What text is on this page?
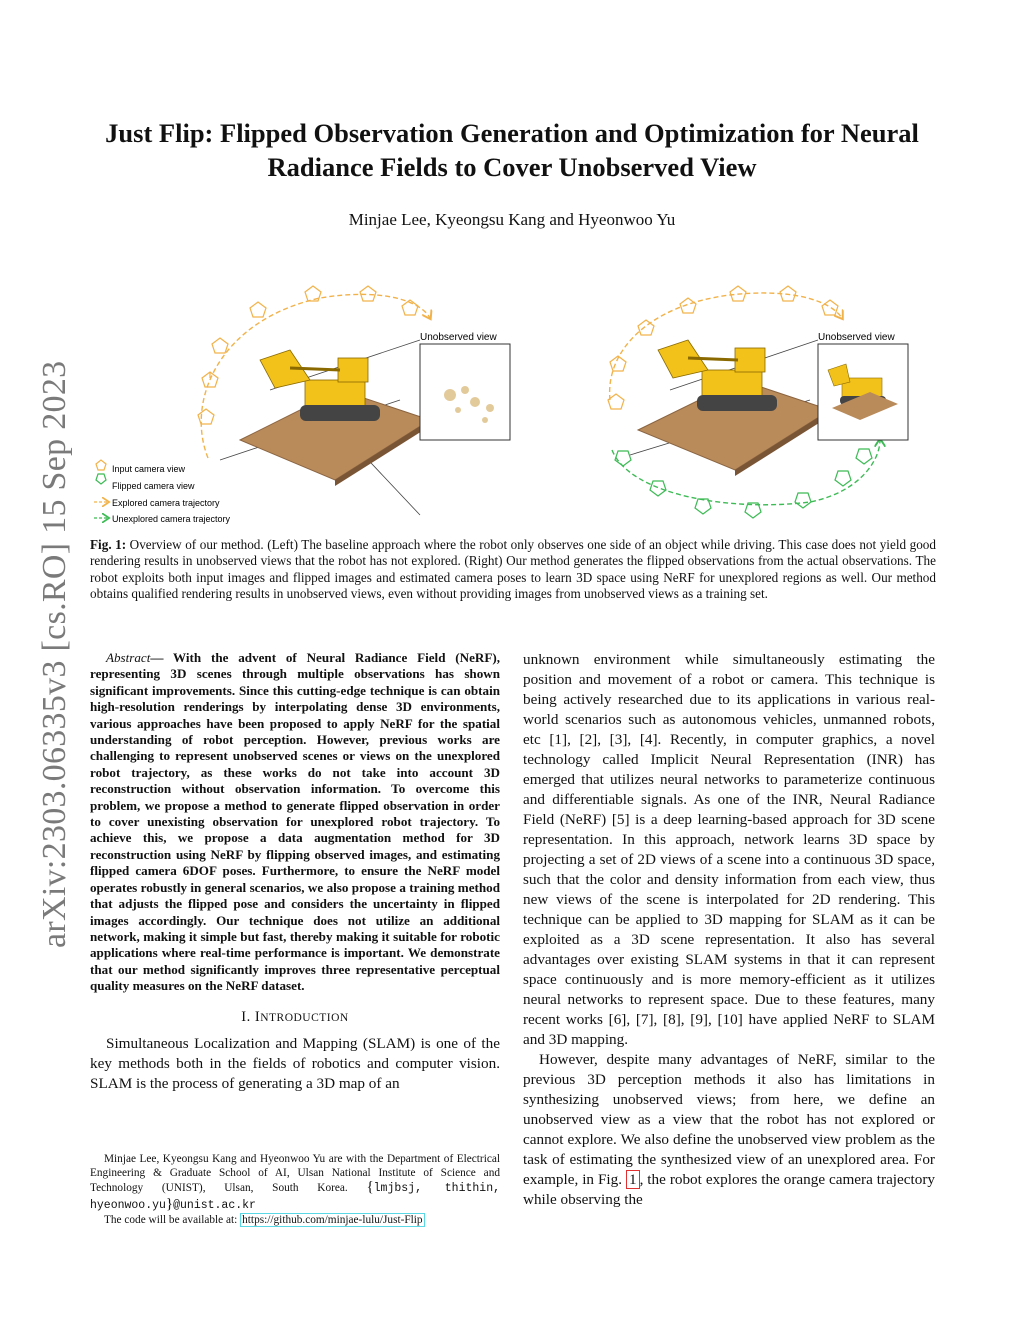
Just Flip: Flipped Observation Generation and Optimization for Neural
Radiance Fields to Cover Unobserved View
Minjae Lee, Kyeongsu Kang and Hyeonwoo Yu
arXiv:2303.06335v3 [cs.RO] 15 Sep 2023
Unobserved view	Unobserved view
Input camera view
Flipped camera view
Explored camera trajectory
Unexplored camera trajectory
Fig. 1: Overview of our method. (Left) The baseline approach where the robot only observes one side of an object while driving. This case does not yield good rendering results in unobserved views that the robot has not explored. (Right) Our method generates the flipped observations from the actual observations. The robot exploits both input images and flipped images and estimated camera poses to learn 3D space using NeRF for unexplored regions as well. Our method obtains qualified rendering results in unobserved views, even without providing images from unobserved views as a training set.

Abstract— With the advent of Neural Radiance Field (NeRF), representing 3D scenes through multiple observations has shown significant improvements. Since this cutting-edge technique is can obtain high-resolution renderings by interpolating dense 3D environments, various approaches have been proposed to apply NeRF for the spatial understanding of robot perception. However, previous works are challenging to represent unobserved scenes or views on the unexplored robot trajectory, as these works do not take into account 3D reconstruction without observation information. To overcome this problem, we propose a method to generate flipped observation in order to cover unexisting observation for unexplored robot trajectory. To achieve this, we propose a data augmentation method for 3D reconstruction using NeRF by flipping observed images, and estimating flipped camera 6DOF poses. Furthermore, to ensure the NeRF model operates robustly in general scenarios, we also propose a training method that adjusts the flipped pose and considers the uncertainty in flipped images accordingly. Our technique does not utilize an additional network, making it simple but fast, thereby making it suitable for robotic applications where real-time performance is important. We demonstrate that our method significantly improves three representative perceptual quality measures on the NeRF dataset.

I. INTRODUCTION

Simultaneous Localization and Mapping (SLAM) is one of the key methods both in the fields of robotics and computer vision. SLAM is the process of generating a 3D map of an

unknown environment while simultaneously estimating the position and movement of a robot or camera. This technique is being actively researched due to its applications in various real-world scenarios such as autonomous vehicles, unmanned robots, etc [1], [2], [3], [4]. Recently, in computer graphics, a novel technology called Implicit Neural Representation (INR) has emerged that utilizes neural networks to parameterize continuous and differentiable signals. As one of the INR, Neural Radiance Field (NeRF) [5] is a deep learning-based approach for 3D scene representation. In this approach, network learns 3D space by projecting a set of 2D views of a scene into a continuous 3D space, such that the color and density information from each view, thus new views of the scene is interpolated for 2D rendering. This technique can be applied to 3D mapping for SLAM as it can be exploited as a 3D scene representation. It also has several advantages over existing SLAM systems in that it can represent space continuously and is more memory-efficient as it utilizes neural networks to represent space. Due to these features, many recent works [6], [7], [8], [9], [10] have applied NeRF to SLAM and 3D mapping.

However, despite many advantages of NeRF, similar to the previous 3D perception methods it also has limitations in synthesizing unobserved views; from here, we define an unobserved view as a view that the robot has not explored or cannot explore. We also define the unobserved view problem as the task of estimating the synthesized view of an unexplored area. For example, in Fig. 1 , the robot explores the orange camera trajectory while observing the

Minjae Lee, Kyeongsu Kang and Hyeonwoo Yu are with the Department of Electrical Engineering & Graduate School of AI, Ulsan National Institute of Science and Technology (UNIST), Ulsan, South Korea. {lmjbsj, thithin, hyeonwoo.yu}@unist.ac.kr
The code will be available at: https://github.com/minjae-lulu/Just-Flip
